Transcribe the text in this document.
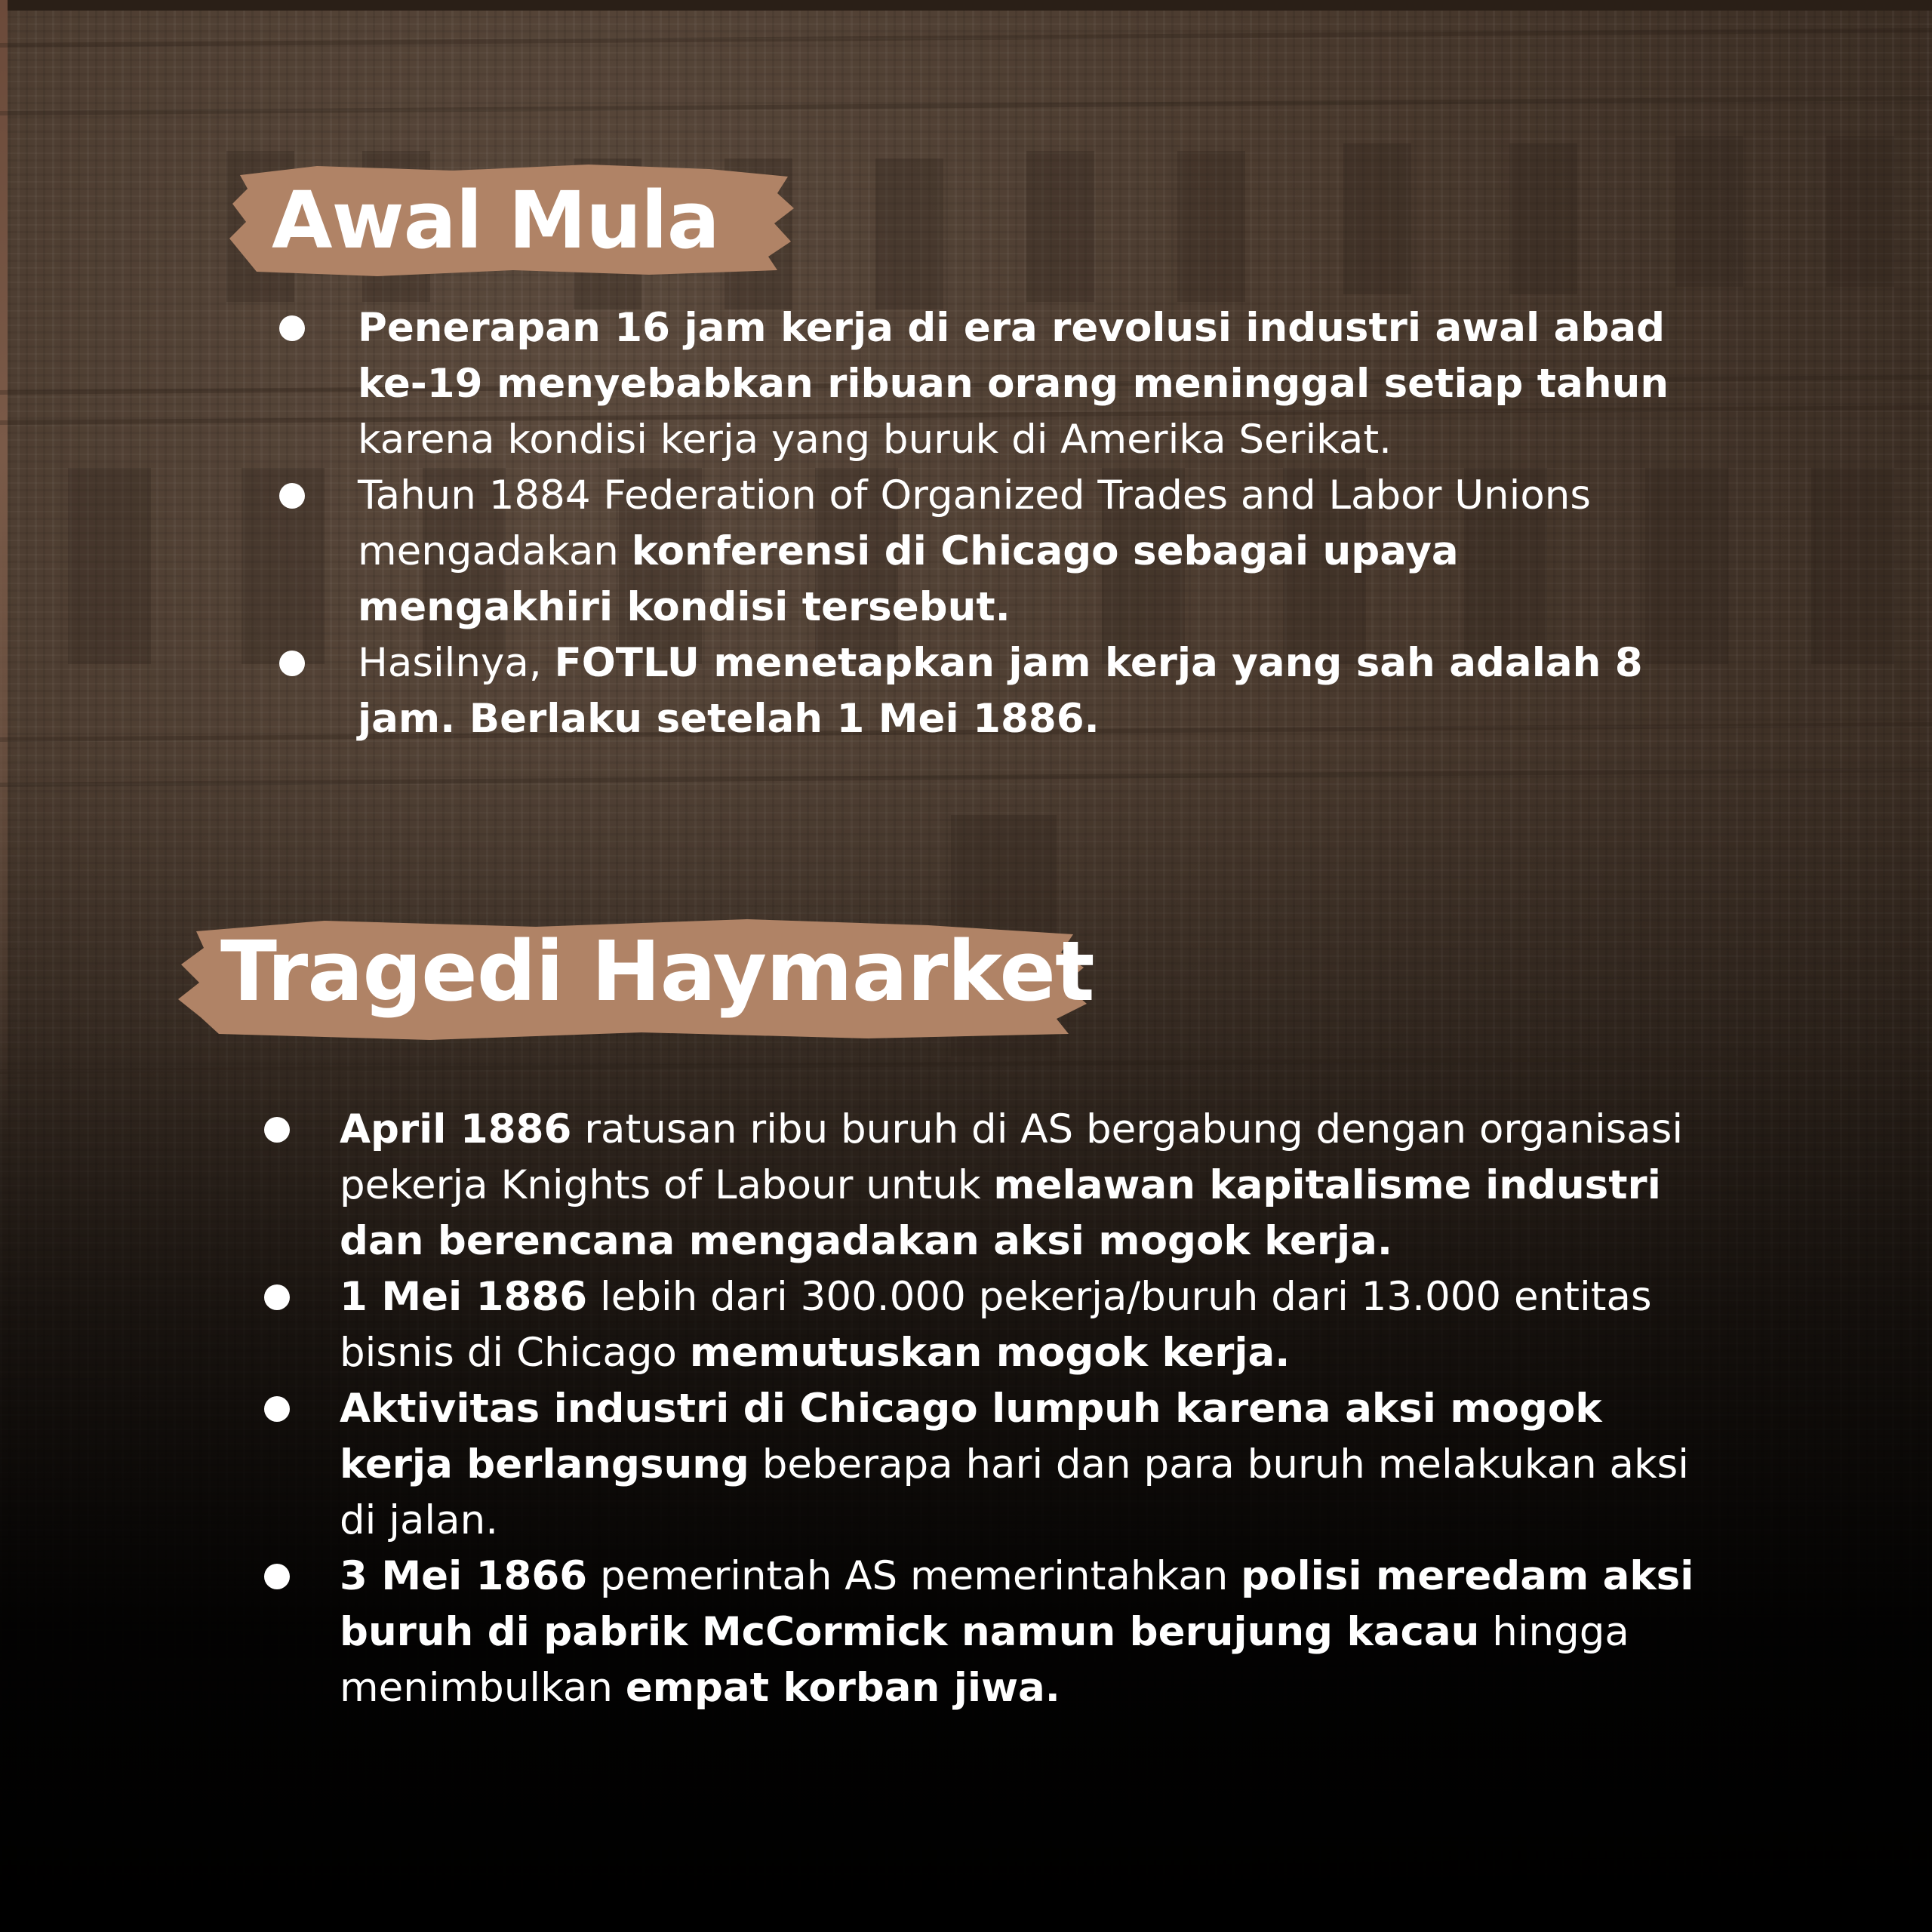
Awal Mula
Penerapan 16 jam kerja di era revolusi industri awal abad ke-19 menyebabkan ribuan orang meninggal setiap tahun karena kondisi kerja yang buruk di Amerika Serikat.
Tahun 1884 Federation of Organized Trades and Labor Unions mengadakan konferensi di Chicago sebagai upaya mengakhiri kondisi tersebut.
Hasilnya, FOTLU menetapkan jam kerja yang sah adalah 8 jam. Berlaku setelah 1 Mei 1886.
Tragedi Haymarket
April 1886 ratusan ribu buruh di AS bergabung dengan organisasi pekerja Knights of Labour untuk melawan kapitalisme industri dan berencana mengadakan aksi mogok kerja.
1 Mei 1886 lebih dari 300.000 pekerja/buruh dari 13.000 entitas bisnis di Chicago memutuskan mogok kerja.
Aktivitas industri di Chicago lumpuh karena aksi mogok kerja berlangsung beberapa hari dan para buruh melakukan aksi di jalan.
3 Mei 1866 pemerintah AS memerintahkan polisi meredam aksi buruh di pabrik McCormick namun berujung kacau hingga menimbulkan empat korban jiwa.
